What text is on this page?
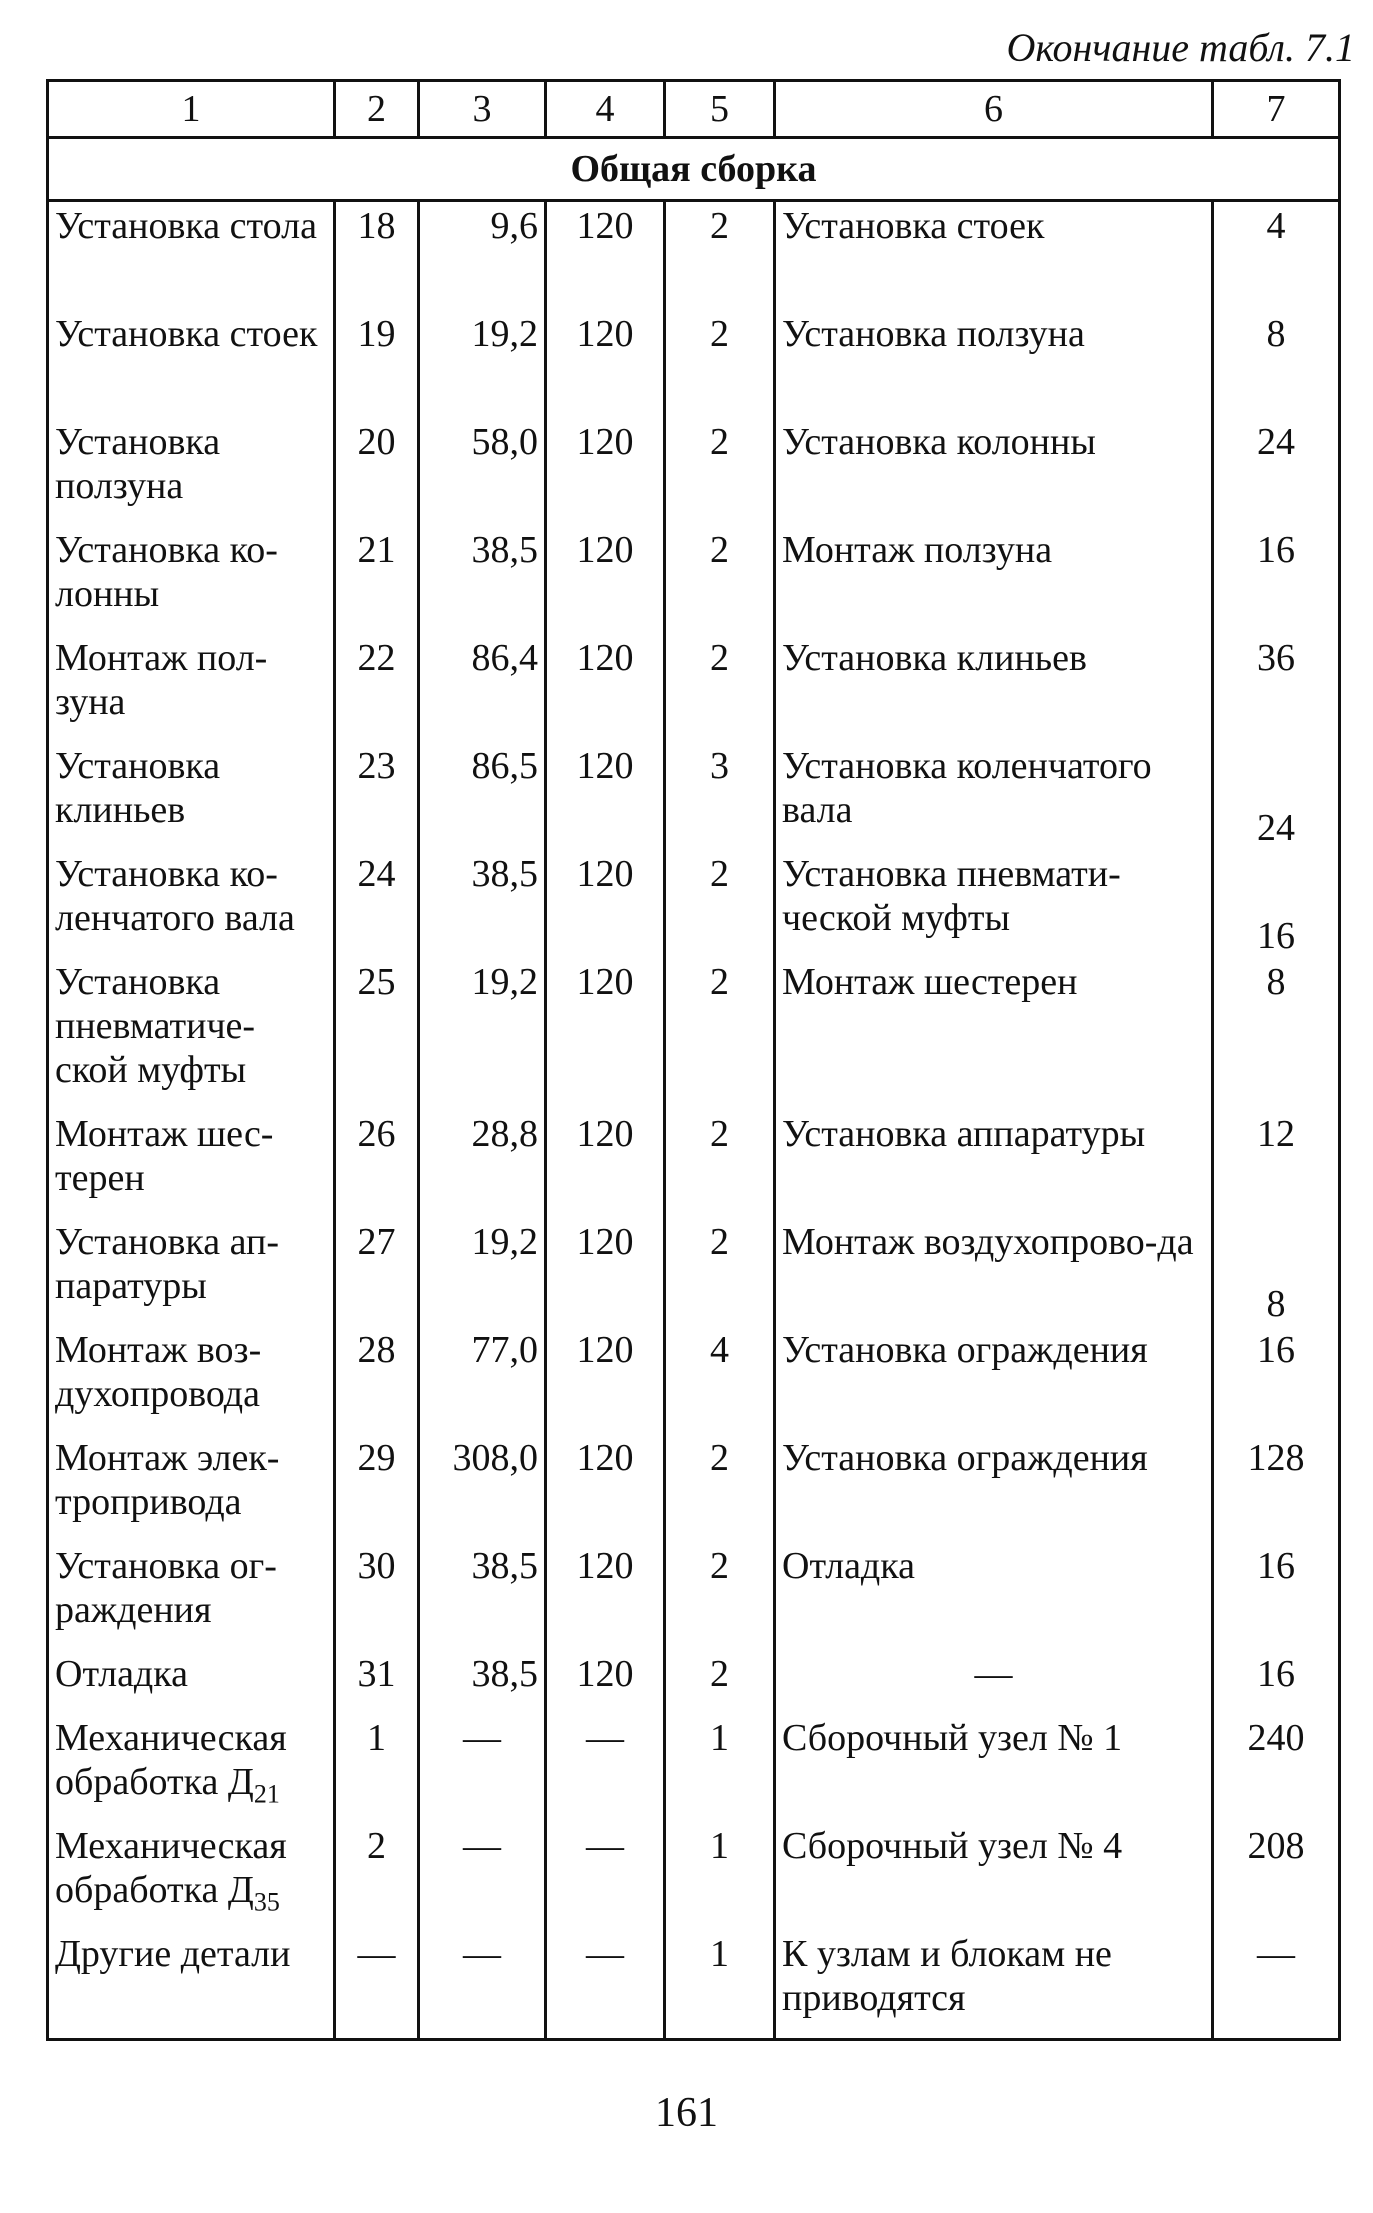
Окончание табл. 7.1
1	2	3	4	5	6	7
Общая сборка						
Установка стола	18	9,6	120	2	Установка стоек	4
Установка стоек	19	19,2	120	2	Установка ползуна	8
Установка ползуна	20	58,0	120	2	Установка колонны	24
Установка ко-лонны	21	38,5	120	2	Монтаж ползуна	16
Монтаж пол-зуна	22	86,4	120	2	Установка клиньев	36
Установка клиньев	23	86,5	120	3	Установка коленчатого вала	24
Установка ко-ленчатого вала	24	38,5	120	2	Установка пневмати-ческой муфты	16
Установка пневматиче-ской муфты	25	19,2	120	2	Монтаж шестерен	8
Монтаж шес-терен	26	28,8	120	2	Установка аппаратуры	12
Установка ап-паратуры	27	19,2	120	2	Монтаж воздухопрово-да	8
Монтаж воз-духопровода	28	77,0	120	4	Установка ограждения	16
Монтаж элек-тропривода	29	308,0	120	2	Установка ограждения	128
Установка ог-раждения	30	38,5	120	2	Отладка	16
Отладка	31	38,5	120	2	—	16
Механическая обработка $Д_{21}$	1	—	—	1	Сборочный узел № 1	240
Механическая обработка $Д_{35}$	2	—	—	1	Сборочный узел № 4	208
Другие детали	—	—	—	1	К узлам и блокам не приводятся	—
161
